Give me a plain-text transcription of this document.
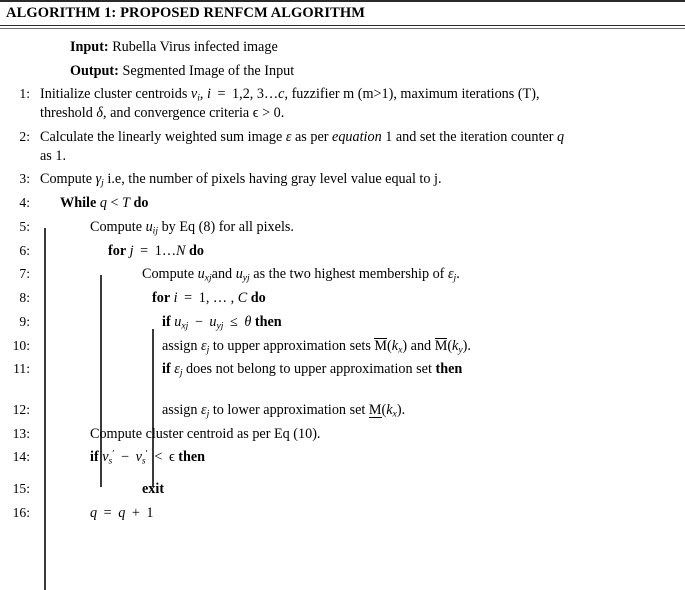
ALGORITHM 1: PROPOSED RENFCM ALGORITHM
Input: Rubella Virus infected image
Output: Segmented Image of the Input
1: Initialize cluster centroids $v_i$, i = 1,2, 3…c, fuzzifier m (m>1), maximum iterations (T),
threshold δ, and convergence criteria ϵ > 0.
2: Calculate the linearly weighted sum image ε as per equation 1 and set the iteration counter q
as 1.
3: Compute $\gamma_j$ i.e, the number of pixels having gray level value equal to j.
4:	While q < T do
5:	Compute $u_{ij}$ by Eq (8) for all pixels.
6:	for j = 1…N do
7:	Compute $u_{xj}and$ $u_{yj}$ as the two highest membership of $\varepsilon_j$.
8:	for i = 1, … , C do
9:	if $u_{xj} - u_{yj} \le \theta$ then
10:	assign $\varepsilon_j$ to upper approximation sets $M(k_x)$ and $M(k_y)$.
11:	if $\varepsilon_j$ does not belong to upper approximation set then
12:	assign $\varepsilon_j$ to lower approximation set $M(k_x)$.
13:	Compute cluster centroid as per Eq (10).
14:	if $v_s' - v_s' < \epsilon$ then
15:	exit
16:	q = q + 1
